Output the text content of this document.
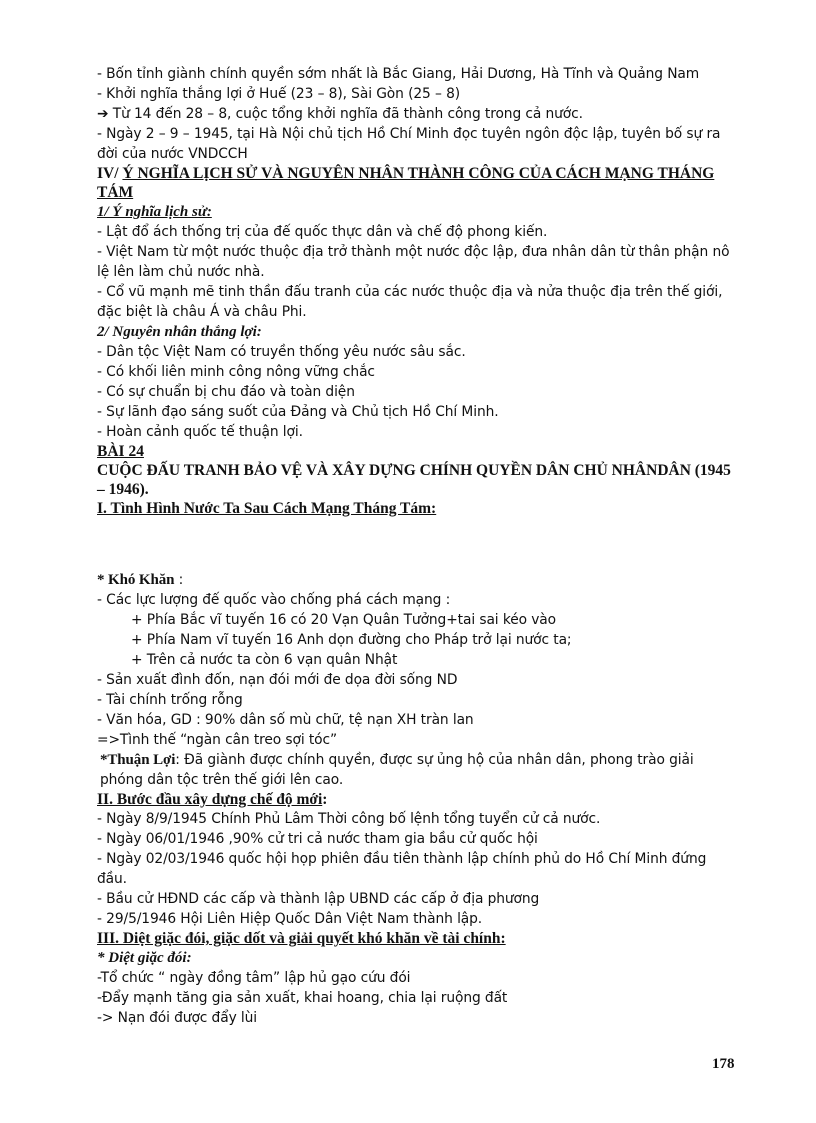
- Bốn tỉnh giành chính quyền sớm nhất là Bắc Giang, Hải Dương, Hà Tĩnh và Quảng Nam
- Khởi nghĩa thắng lợi ở Huế (23 – 8), Sài Gòn (25 – 8)
➔ Từ 14 đến 28 – 8, cuộc tổng khởi nghĩa đã thành công trong cả nước.
- Ngày 2 – 9 – 1945, tại Hà Nội chủ tịch Hồ Chí Minh đọc tuyên ngôn độc lập, tuyên bố sự ra đời của nước VNDCCH
IV/ Ý NGHĨA LỊCH SỬ VÀ NGUYÊN NHÂN THÀNH CÔNG CỦA CÁCH MẠNG THÁNG TÁM
1/ Ý nghĩa lịch sử:
- Lật đổ ách thống trị của đế quốc thực dân và chế độ phong kiến.
- Việt Nam từ một nước thuộc địa trở thành một nước độc lập, đưa nhân dân từ thân phận nô lệ lên làm chủ nước nhà.
- Cổ vũ mạnh mẽ tinh thần đấu tranh của các nước thuộc địa và nửa thuộc địa trên thế giới, đặc biệt là châu Á và châu Phi.
2/ Nguyên nhân thắng lợi:
- Dân tộc Việt Nam có truyền thống yêu nước sâu sắc.
- Có khối liên minh công nông vững chắc
- Có sự chuẩn bị chu đáo và toàn diện
- Sự lãnh đạo sáng suốt của Đảng và Chủ tịch Hồ Chí Minh.
- Hoàn cảnh quốc tế thuận lợi.
BÀI 24
CUỘC ĐẤU TRANH BẢO VỆ VÀ XÂY DỰNG CHÍNH QUYỀN DÂN CHỦ NHÂNDÂN (1945 – 1946).
I. Tình Hình Nước Ta Sau Cách Mạng Tháng Tám:
* Khó Khăn :
- Các lực lượng đế quốc vào chống phá cách mạng :
+ Phía Bắc vĩ tuyến 16 có 20 Vạn Quân Tưởng+tai sai kéo vào
+ Phía Nam vĩ tuyến 16 Anh dọn đường cho Pháp trở lại nước ta;
+ Trên cả nước ta còn 6 vạn quân Nhật
- Sản xuất đình đốn, nạn đói mới đe dọa đời sống ND
- Tài chính trống rỗng
- Văn hóa, GD : 90% dân số mù chữ, tệ nạn XH tràn lan
=>Tình thế “ngàn cân treo sợi tóc”
*Thuận Lợi: Đã giành được chính quyền, được sự ủng hộ của nhân dân, phong trào giải phóng dân tộc trên thế giới lên cao.
II. Bước đầu xây dựng chế độ mới:
- Ngày 8/9/1945 Chính Phủ Lâm Thời công bố lệnh tổng tuyển cử cả nước.
- Ngày 06/01/1946 ,90% cử tri cả nước tham gia bầu cử quốc hội
- Ngày 02/03/1946 quốc hội họp phiên đầu tiên thành lập chính phủ do Hồ Chí Minh đứng đầu.
- Bầu cử HĐND các cấp và thành lập UBND các cấp ở địa phương
- 29/5/1946 Hội Liên Hiệp Quốc Dân Việt Nam thành lập.
III. Diệt giặc đói, giặc dốt và giải quyết khó khăn về tài chính:
* Diệt giặc đói:
-Tổ chức “ ngày đồng tâm” lập hủ gạo cứu đói
-Đẩy mạnh tăng gia sản xuất, khai hoang, chia lại ruộng đất
-> Nạn đói được đẩy lùi
178
